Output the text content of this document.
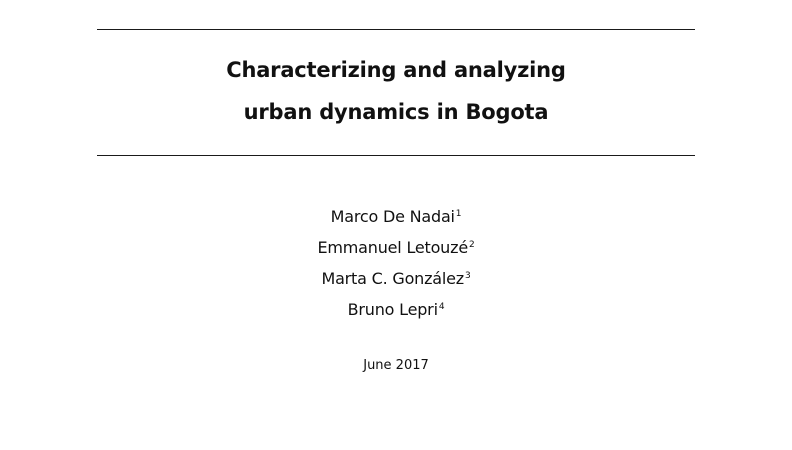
Characterizing and analyzing
urban dynamics in Bogota
Marco De Nadai$^1$
Emmanuel Letouzé$^2$
Marta C. González$^3$
Bruno Lepri$^4$
June 2017
